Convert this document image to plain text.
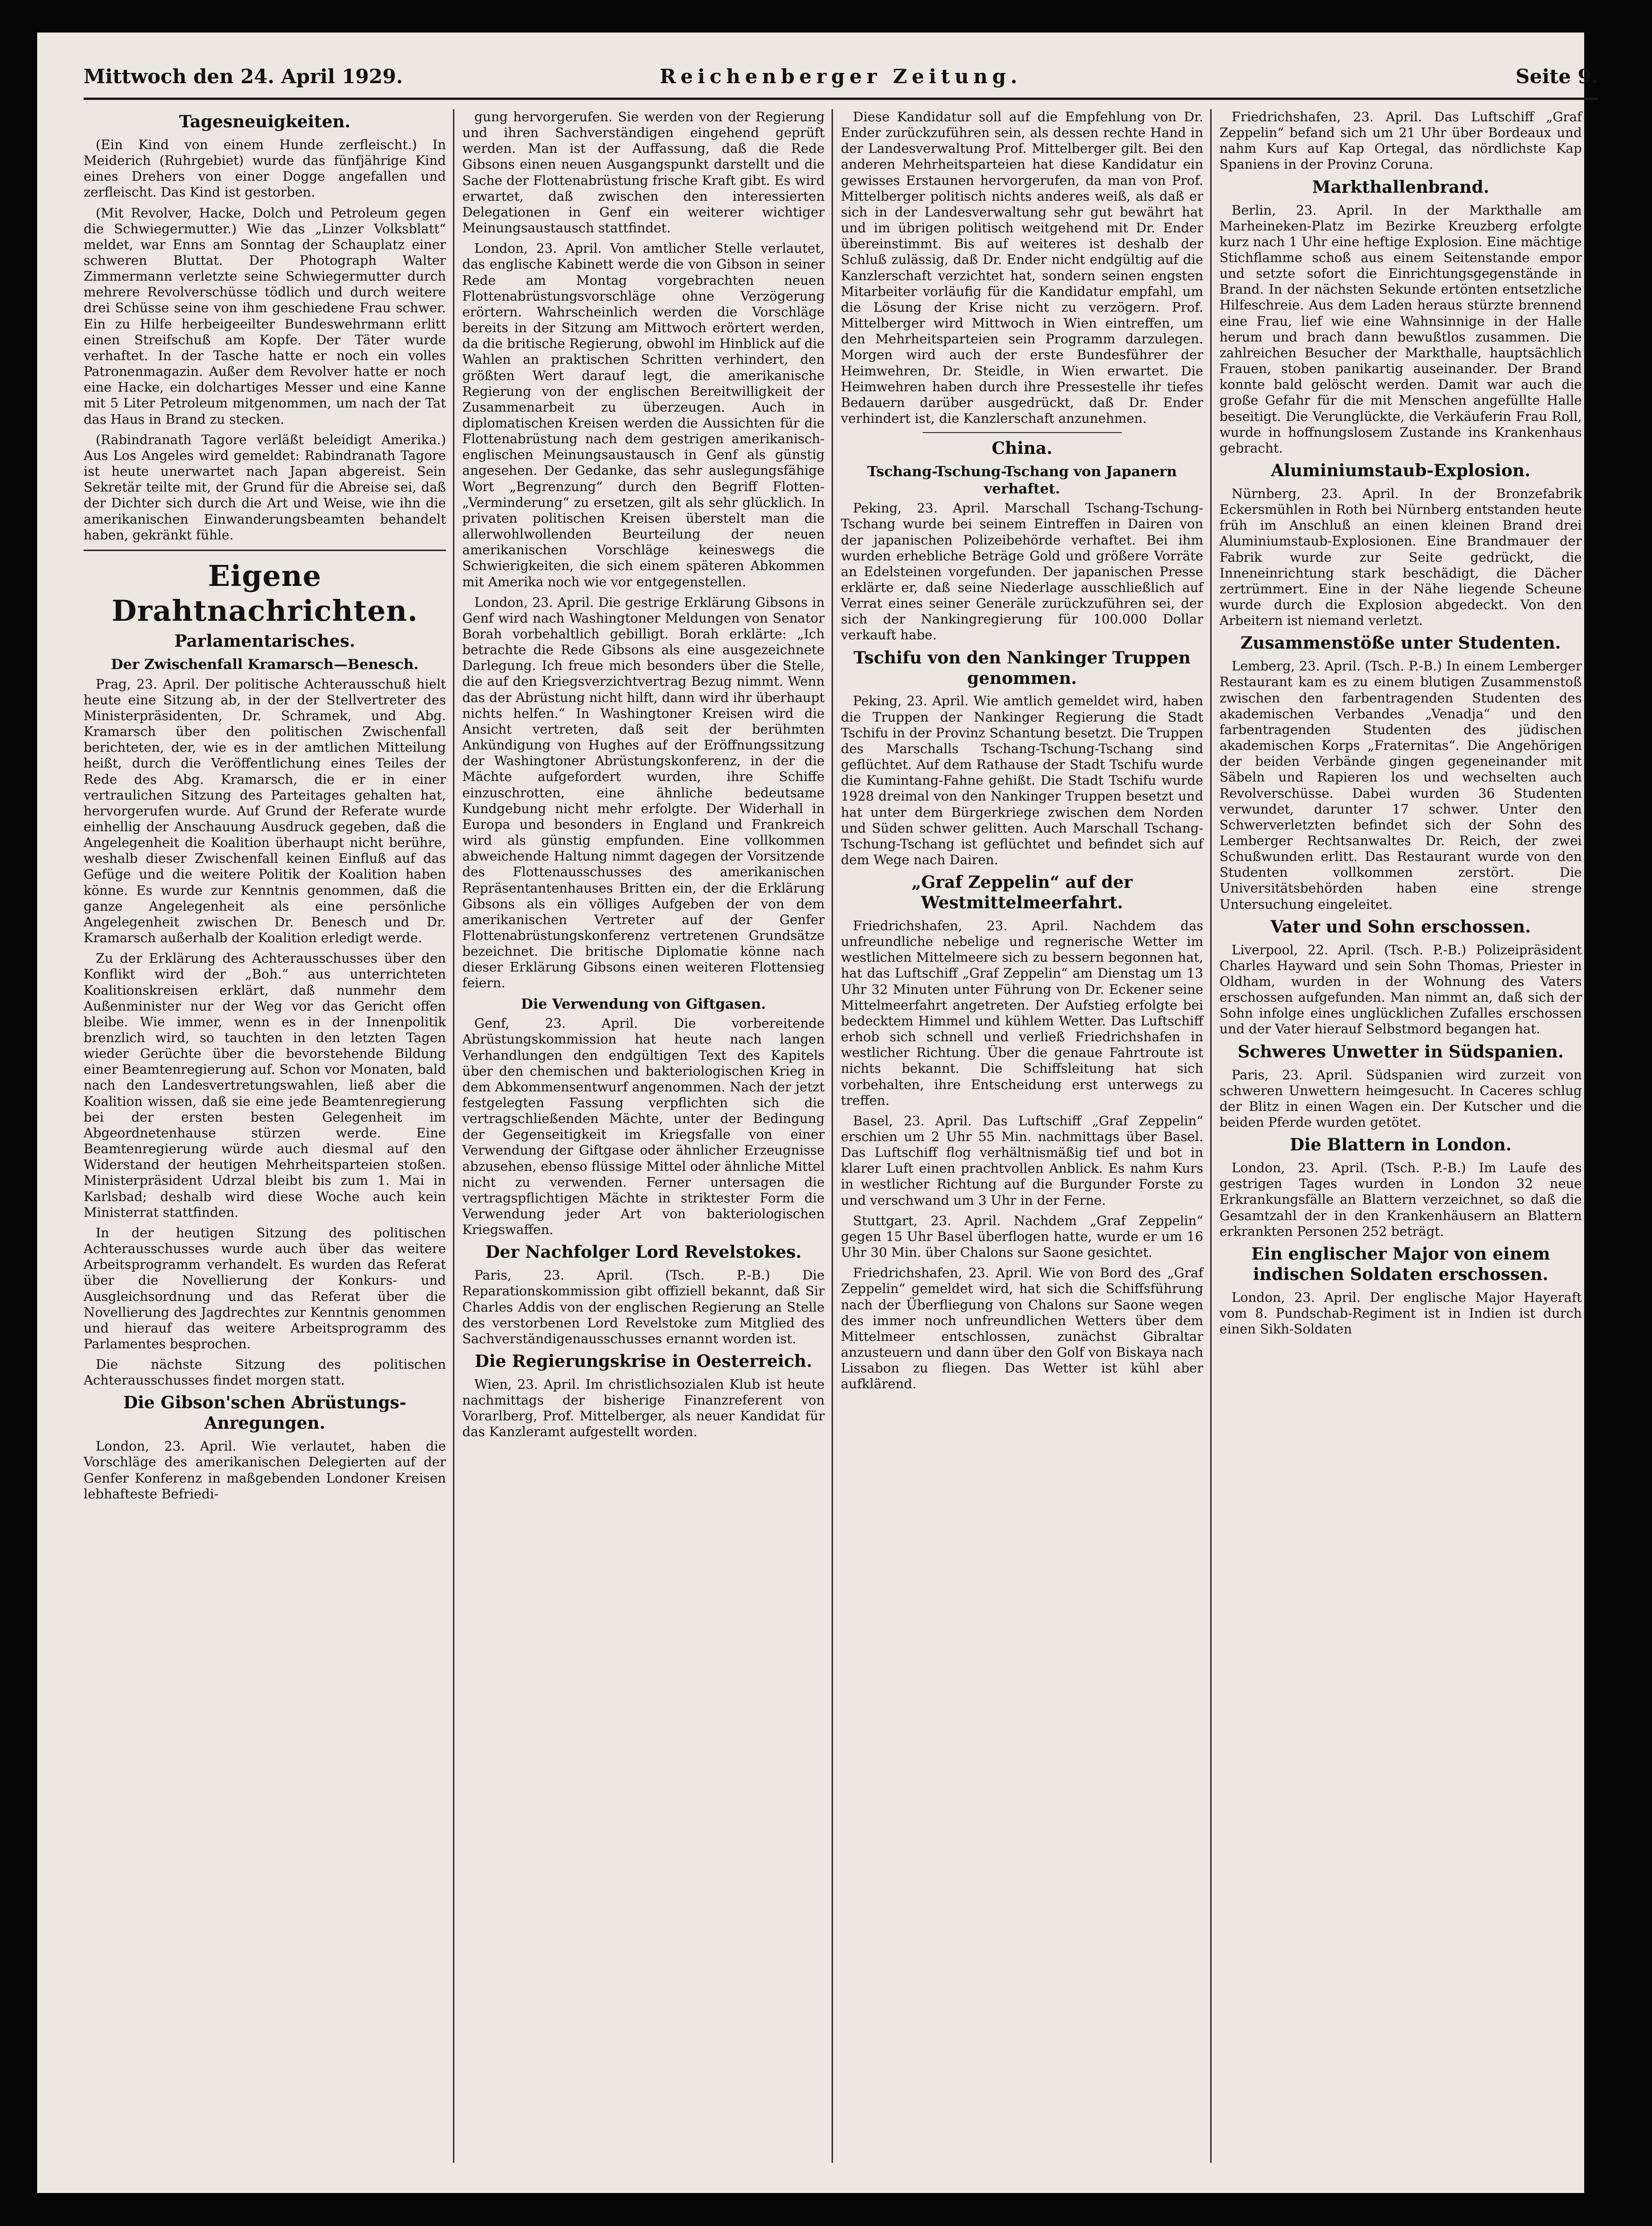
Mittwoch den 24. April 1929.	Reichenberger Zeitung.	Seite 9.
Tagesneuigkeiten.

(Ein Kind von einem Hunde zerfleischt.) In Meiderich (Ruhrgebiet) wurde das fünfjährige Kind eines Drehers von einer Dogge angefallen und zerfleischt. Das Kind ist gestorben.

(Mit Revolver, Hacke, Dolch und Petroleum gegen die Schwiegermutter.) Wie das „Linzer Volksblatt“ meldet, war Enns am Sonntag der Schauplatz einer schweren Bluttat. Der Photograph Walter Zimmermann verletzte seine Schwiegermutter durch mehrere Revolverschüsse tödlich und durch weitere drei Schüsse seine von ihm geschiedene Frau schwer. Ein zu Hilfe herbeigeeilter Bundeswehrmann erlitt einen Streifschuß am Kopfe. Der Täter wurde verhaftet. In der Tasche hatte er noch ein volles Patronenmagazin. Außer dem Revolver hatte er noch eine Hacke, ein dolchartiges Messer und eine Kanne mit 5 Liter Petroleum mitgenommen, um nach der Tat das Haus in Brand zu stecken.

(Rabindranath Tagore verläßt beleidigt Amerika.) Aus Los Angeles wird gemeldet: Rabindranath Tagore ist heute unerwartet nach Japan abgereist. Sein Sekretär teilte mit, der Grund für die Abreise sei, daß der Dichter sich durch die Art und Weise, wie ihn die amerikanischen Einwanderungsbeamten behandelt haben, gekränkt fühle.

Eigene Drahtnachrichten.
Parlamentarisches.
Der Zwischenfall Kramarsch—Benesch.

Prag, 23. April. Der politische Achterausschuß hielt heute eine Sitzung ab, in der der Stellvertreter des Ministerpräsidenten, Dr. Schramek, und Abg. Kramarsch über den politischen Zwischenfall berichteten, der, wie es in der amtlichen Mitteilung heißt, durch die Veröffentlichung eines Teiles der Rede des Abg. Kramarsch, die er in einer vertraulichen Sitzung des Parteitages gehalten hat, hervorgerufen wurde. Auf Grund der Referate wurde einhellig der Anschauung Ausdruck gegeben, daß die Angelegenheit die Koalition überhaupt nicht berühre, weshalb dieser Zwischenfall keinen Einfluß auf das Gefüge und die weitere Politik der Koalition haben könne. Es wurde zur Kenntnis genommen, daß die ganze Angelegenheit als eine persönliche Angelegenheit zwischen Dr. Benesch und Dr. Kramarsch außerhalb der Koalition erledigt werde.

Zu der Erklärung des Achterausschusses über den Konflikt wird der „Boh.“ aus unterrichteten Koalitionskreisen erklärt, daß nunmehr dem Außenminister nur der Weg vor das Gericht offen bleibe. Wie immer, wenn es in der Innenpolitik brenzlich wird, so tauchten in den letzten Tagen wieder Gerüchte über die bevorstehende Bildung einer Beamtenregierung auf. Schon vor Monaten, bald nach den Landesvertretungswahlen, ließ aber die Koalition wissen, daß sie eine jede Beamtenregierung bei der ersten besten Gelegenheit im Abgeordnetenhause stürzen werde. Eine Beamtenregierung würde auch diesmal auf den Widerstand der heutigen Mehrheitsparteien stoßen. Ministerpräsident Udrzal bleibt bis zum 1. Mai in Karlsbad; deshalb wird diese Woche auch kein Ministerrat stattfinden.

In der heutigen Sitzung des politischen Achterausschusses wurde auch über das weitere Arbeitsprogramm verhandelt. Es wurden das Referat über die Novellierung der Konkurs- und Ausgleichsordnung und das Referat über die Novellierung des Jagdrechtes zur Kenntnis genommen und hierauf das weitere Arbeitsprogramm des Parlamentes besprochen.

Die nächste Sitzung des politischen Achterausschusses findet morgen statt.

Die Gibson'schen Abrüstungs-Anregungen.

London, 23. April. Wie verlautet, haben die Vorschläge des amerikanischen Delegierten auf der Genfer Konferenz in maßgebenden Londoner Kreisen lebhafteste Befriedi-

gung hervorgerufen. Sie werden von der Regierung und ihren Sachverständigen eingehend geprüft werden. Man ist der Auffassung, daß die Rede Gibsons einen neuen Ausgangspunkt darstellt und die Sache der Flottenabrüstung frische Kraft gibt. Es wird erwartet, daß zwischen den interessierten Delegationen in Genf ein weiterer wichtiger Meinungsaustausch stattfindet.

London, 23. April. Von amtlicher Stelle verlautet, das englische Kabinett werde die von Gibson in seiner Rede am Montag vorgebrachten neuen Flottenabrüstungsvorschläge ohne Verzögerung erörtern. Wahrscheinlich werden die Vorschläge bereits in der Sitzung am Mittwoch erörtert werden, da die britische Regierung, obwohl im Hinblick auf die Wahlen an praktischen Schritten verhindert, den größten Wert darauf legt, die amerikanische Regierung von der englischen Bereitwilligkeit der Zusammenarbeit zu überzeugen. Auch in diplomatischen Kreisen werden die Aussichten für die Flottenabrüstung nach dem gestrigen amerikanisch-englischen Meinungsaustausch in Genf als günstig angesehen. Der Gedanke, das sehr auslegungsfähige Wort „Begrenzung“ durch den Begriff Flotten-„Verminderung“ zu ersetzen, gilt als sehr glücklich. In privaten politischen Kreisen überstelt man die allerwohlwollenden Beurteilung der neuen amerikanischen Vorschläge keineswegs die Schwierigkeiten, die sich einem späteren Abkommen mit Amerika noch wie vor entgegenstellen.

London, 23. April. Die gestrige Erklärung Gibsons in Genf wird nach Washingtoner Meldungen von Senator Borah vorbehaltlich gebilligt. Borah erklärte: „Ich betrachte die Rede Gibsons als eine ausgezeichnete Darlegung. Ich freue mich besonders über die Stelle, die auf den Kriegsverzichtvertrag Bezug nimmt. Wenn das der Abrüstung nicht hilft, dann wird ihr überhaupt nichts helfen.“ In Washingtoner Kreisen wird die Ansicht vertreten, daß seit der berühmten Ankündigung von Hughes auf der Eröffnungssitzung der Washingtoner Abrüstungskonferenz, in der die Mächte aufgefordert wurden, ihre Schiffe einzuschrotten, eine ähnliche bedeutsame Kundgebung nicht mehr erfolgte. Der Widerhall in Europa und besonders in England und Frankreich wird als günstig empfunden. Eine vollkommen abweichende Haltung nimmt dagegen der Vorsitzende des Flottenausschusses des amerikanischen Repräsentantenhauses Britten ein, der die Erklärung Gibsons als ein völliges Aufgeben der von dem amerikanischen Vertreter auf der Genfer Flottenabrüstungskonferenz vertretenen Grundsätze bezeichnet. Die britische Diplomatie könne nach dieser Erklärung Gibsons einen weiteren Flottensieg feiern.

Die Verwendung von Giftgasen.

Genf, 23. April. Die vorbereitende Abrüstungskommission hat heute nach langen Verhandlungen den endgültigen Text des Kapitels über den chemischen und bakteriologischen Krieg in dem Abkommensentwurf angenommen. Nach der jetzt festgelegten Fassung verpflichten sich die vertragschließenden Mächte, unter der Bedingung der Gegenseitigkeit im Kriegsfalle von einer Verwendung der Giftgase oder ähnlicher Erzeugnisse abzusehen, ebenso flüssige Mittel oder ähnliche Mittel nicht zu verwenden. Ferner untersagen die vertragspflichtigen Mächte in striktester Form die Verwendung jeder Art von bakteriologischen Kriegswaffen.

Der Nachfolger Lord Revelstokes.

Paris, 23. April. (Tsch. P.-B.) Die Reparationskommission gibt offiziell bekannt, daß Sir Charles Addis von der englischen Regierung an Stelle des verstorbenen Lord Revelstoke zum Mitglied des Sachverständigenausschusses ernannt worden ist.

Die Regierungskrise in Oesterreich.

Wien, 23. April. Im christlichsozialen Klub ist heute nachmittags der bisherige Finanzreferent von Vorarlberg, Prof. Mittelberger, als neuer Kandidat für das Kanzleramt aufgestellt worden.

Diese Kandidatur soll auf die Empfehlung von Dr. Ender zurückzuführen sein, als dessen rechte Hand in der Landesverwaltung Prof. Mittelberger gilt. Bei den anderen Mehrheitsparteien hat diese Kandidatur ein gewisses Erstaunen hervorgerufen, da man von Prof. Mittelberger politisch nichts anderes weiß, als daß er sich in der Landesverwaltung sehr gut bewährt hat und im übrigen politisch weitgehend mit Dr. Ender übereinstimmt. Bis auf weiteres ist deshalb der Schluß zulässig, daß Dr. Ender nicht endgültig auf die Kanzlerschaft verzichtet hat, sondern seinen engsten Mitarbeiter vorläufig für die Kandidatur empfahl, um die Lösung der Krise nicht zu verzögern. Prof. Mittelberger wird Mittwoch in Wien eintreffen, um den Mehrheitsparteien sein Programm darzulegen. Morgen wird auch der erste Bundesführer der Heimwehren, Dr. Steidle, in Wien erwartet. Die Heimwehren haben durch ihre Pressestelle ihr tiefes Bedauern darüber ausgedrückt, daß Dr. Ender verhindert ist, die Kanzlerschaft anzunehmen.

China.
Tschang-Tschung-Tschang von Japanern verhaftet.

Peking, 23. April. Marschall Tschang-Tschung-Tschang wurde bei seinem Eintreffen in Dairen von der japanischen Polizeibehörde verhaftet. Bei ihm wurden erhebliche Beträge Gold und größere Vorräte an Edelsteinen vorgefunden. Der japanischen Presse erklärte er, daß seine Niederlage ausschließlich auf Verrat eines seiner Generäle zurückzuführen sei, der sich der Nankingregierung für 100.000 Dollar verkauft habe.

Tschifu von den Nankinger Truppen genommen.

Peking, 23. April. Wie amtlich gemeldet wird, haben die Truppen der Nankinger Regierung die Stadt Tschifu in der Provinz Schantung besetzt. Die Truppen des Marschalls Tschang-Tschung-Tschang sind geflüchtet. Auf dem Rathause der Stadt Tschifu wurde die Kumintang-Fahne gehißt. Die Stadt Tschifu wurde 1928 dreimal von den Nankinger Truppen besetzt und hat unter dem Bürgerkriege zwischen dem Norden und Süden schwer gelitten. Auch Marschall Tschang-Tschung-Tschang ist geflüchtet und befindet sich auf dem Wege nach Dairen.

„Graf Zeppelin“ auf der Westmittelmeerfahrt.

Friedrichshafen, 23. April. Nachdem das unfreundliche nebelige und regnerische Wetter im westlichen Mittelmeere sich zu bessern begonnen hat, hat das Luftschiff „Graf Zeppelin“ am Dienstag um 13 Uhr 32 Minuten unter Führung von Dr. Eckener seine Mittelmeerfahrt angetreten. Der Aufstieg erfolgte bei bedecktem Himmel und kühlem Wetter. Das Luftschiff erhob sich schnell und verließ Friedrichshafen in westlicher Richtung. Über die genaue Fahrtroute ist nichts bekannt. Die Schiffsleitung hat sich vorbehalten, ihre Entscheidung erst unterwegs zu treffen.

Basel, 23. April. Das Luftschiff „Graf Zeppelin“ erschien um 2 Uhr 55 Min. nachmittags über Basel. Das Luftschiff flog verhältnismäßig tief und bot in klarer Luft einen prachtvollen Anblick. Es nahm Kurs in westlicher Richtung auf die Burgunder Forste zu und verschwand um 3 Uhr in der Ferne.

Stuttgart, 23. April. Nachdem „Graf Zeppelin“ gegen 15 Uhr Basel überflogen hatte, wurde er um 16 Uhr 30 Min. über Chalons sur Saone gesichtet.

Friedrichshafen, 23. April. Wie von Bord des „Graf Zeppelin“ gemeldet wird, hat sich die Schiffsführung nach der Überfliegung von Chalons sur Saone wegen des immer noch unfreundlichen Wetters über dem Mittelmeer entschlossen, zunächst Gibraltar anzusteuern und dann über den Golf von Biskaya nach Lissabon zu fliegen. Das Wetter ist kühl aber aufklärend.

Friedrichshafen, 23. April. Das Luftschiff „Graf Zeppelin“ befand sich um 21 Uhr über Bordeaux und nahm Kurs auf Kap Ortegal, das nördlichste Kap Spaniens in der Provinz Coruna.

Markthallenbrand.

Berlin, 23. April. In der Markthalle am Marheineken-Platz im Bezirke Kreuzberg erfolgte kurz nach 1 Uhr eine heftige Explosion. Eine mächtige Stichflamme schoß aus einem Seitenstande empor und setzte sofort die Einrichtungsgegenstände in Brand. In der nächsten Sekunde ertönten entsetzliche Hilfeschreie. Aus dem Laden heraus stürzte brennend eine Frau, lief wie eine Wahnsinnige in der Halle herum und brach dann bewußtlos zusammen. Die zahlreichen Besucher der Markthalle, hauptsächlich Frauen, stoben panikartig auseinander. Der Brand konnte bald gelöscht werden. Damit war auch die große Gefahr für die mit Menschen angefüllte Halle beseitigt. Die Verunglückte, die Verkäuferin Frau Roll, wurde in hoffnungslosem Zustande ins Krankenhaus gebracht.

Aluminiumstaub-Explosion.

Nürnberg, 23. April. In der Bronzefabrik Eckersmühlen in Roth bei Nürnberg entstanden heute früh im Anschluß an einen kleinen Brand drei Aluminiumstaub-Explosionen. Eine Brandmauer der Fabrik wurde zur Seite gedrückt, die Inneneinrichtung stark beschädigt, die Dächer zertrümmert. Eine in der Nähe liegende Scheune wurde durch die Explosion abgedeckt. Von den Arbeitern ist niemand verletzt.

Zusammenstöße unter Studenten.

Lemberg, 23. April. (Tsch. P.-B.) In einem Lemberger Restaurant kam es zu einem blutigen Zusammenstoß zwischen den farbentragenden Studenten des akademischen Verbandes „Venadja“ und den farbentragenden Studenten des jüdischen akademischen Korps „Fraternitas“. Die Angehörigen der beiden Verbände gingen gegeneinander mit Säbeln und Rapieren los und wechselten auch Revolverschüsse. Dabei wurden 36 Studenten verwundet, darunter 17 schwer. Unter den Schwerverletzten befindet sich der Sohn des Lemberger Rechtsanwaltes Dr. Reich, der zwei Schußwunden erlitt. Das Restaurant wurde von den Studenten vollkommen zerstört. Die Universitätsbehörden haben eine strenge Untersuchung eingeleitet.

Vater und Sohn erschossen.

Liverpool, 22. April. (Tsch. P.-B.) Polizeipräsident Charles Hayward und sein Sohn Thomas, Priester in Oldham, wurden in der Wohnung des Vaters erschossen aufgefunden. Man nimmt an, daß sich der Sohn infolge eines unglücklichen Zufalles erschossen und der Vater hierauf Selbstmord begangen hat.

Schweres Unwetter in Südspanien.

Paris, 23. April. Südspanien wird zurzeit von schweren Unwettern heimgesucht. In Caceres schlug der Blitz in einen Wagen ein. Der Kutscher und die beiden Pferde wurden getötet.

Die Blattern in London.

London, 23. April. (Tsch. P.-B.) Im Laufe des gestrigen Tages wurden in London 32 neue Erkrankungsfälle an Blattern verzeichnet, so daß die Gesamtzahl der in den Krankenhäusern an Blattern erkrankten Personen 252 beträgt.

Ein englischer Major von einem indischen Soldaten erschossen.

London, 23. April. Der englische Major Hayeraft vom 8. Pundschab-Regiment ist in Indien ist durch einen Sikh-Soldaten
